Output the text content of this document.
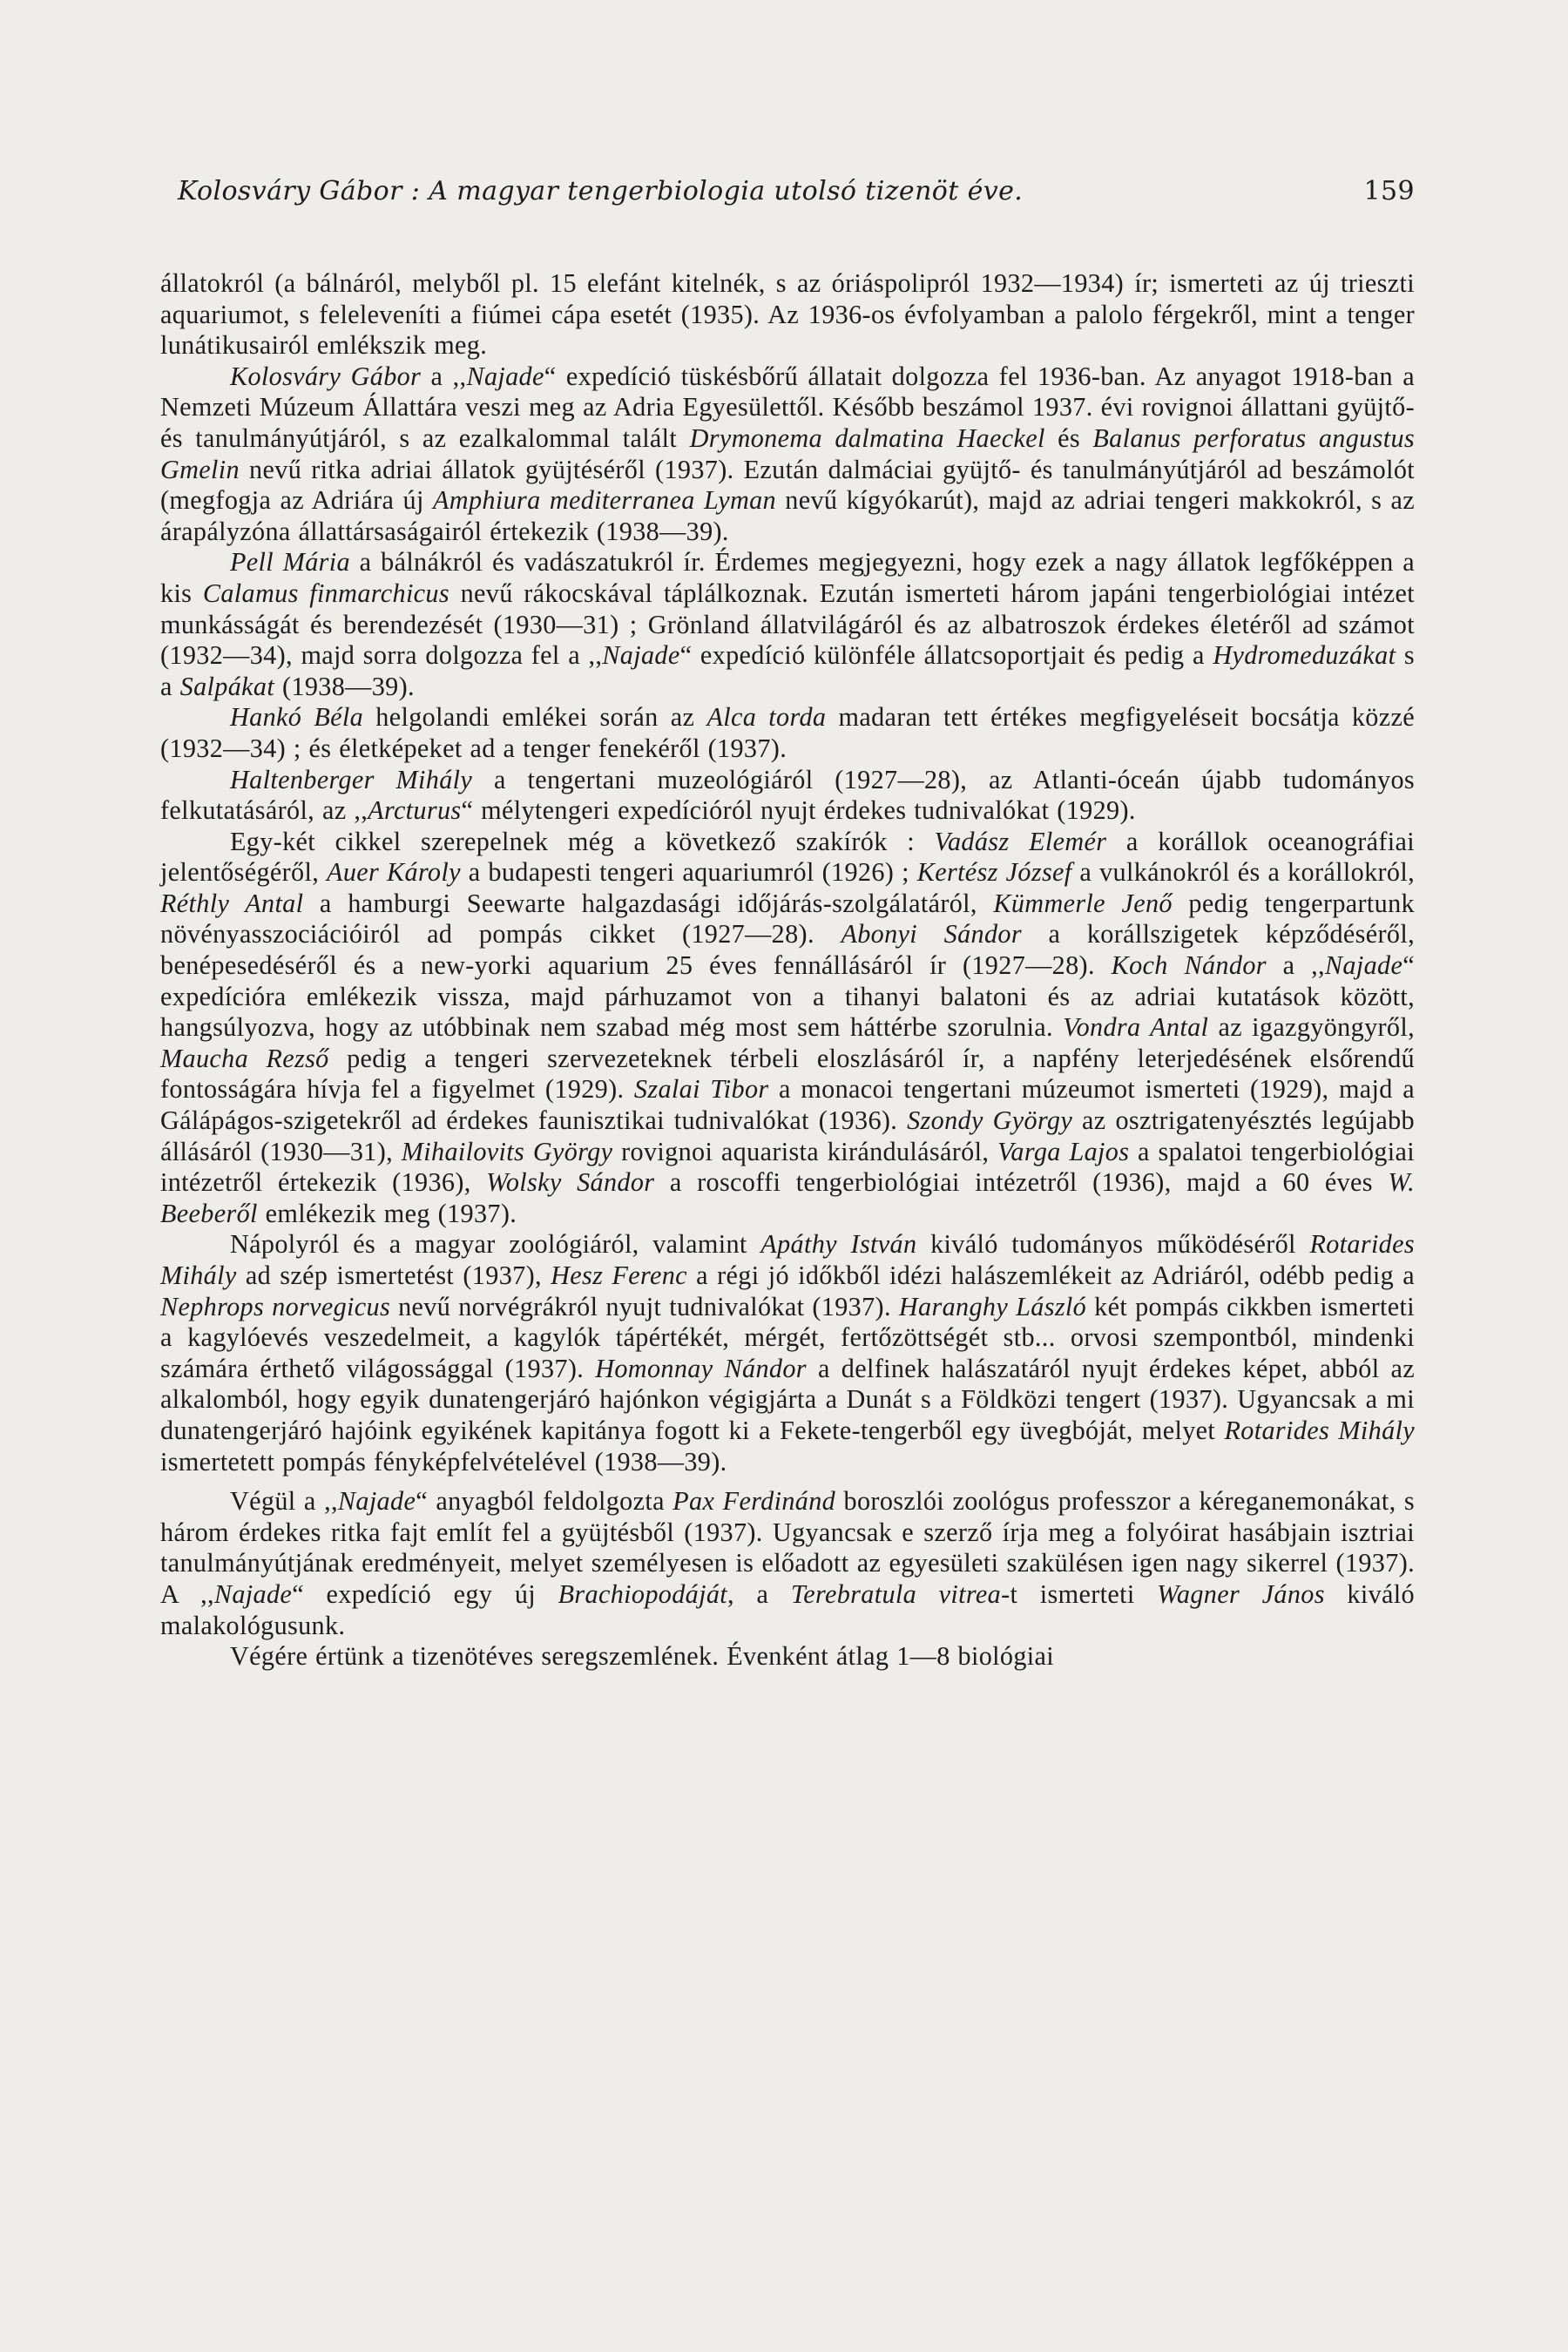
Kolosváry Gábor : A magyar tengerbiologia utolsó tizenöt éve.	159

állatokról (a bálnáról, melyből pl. 15 elefánt kitelnék, s az óriáspolipról 1932—1934) ír; ismerteti az új trieszti aquariumot, s feleleveníti a fiúmei cápa esetét (1935). Az 1936-os évfolyamban a palolo férgekről, mint a tenger lunátikusairól emlékszik meg.

Kolosváry Gábor a ,,Najade“ expedíció tüskésbőrű állatait dolgozza fel 1936-ban. Az anyagot 1918-ban a Nemzeti Múzeum Állattára veszi meg az Adria Egyesülettől. Később beszámol 1937. évi rovignoi állattani gyüjtő- és tanulmányútjáról, s az ezalkalommal talált Drymonema dalmatina Haeckel és Balanus perforatus angustus Gmelin nevű ritka adriai állatok gyüjtéséről (1937). Ezután dalmáciai gyüjtő- és tanulmányútjáról ad beszámolót (megfogja az Adriára új Amphiura mediterranea Lyman nevű kígyókarút), majd az adriai tengeri makkokról, s az árapályzóna állattársaságairól értekezik (1938—39).

Pell Mária a bálnákról és vadászatukról ír. Érdemes megjegyezni, hogy ezek a nagy állatok legfőképpen a kis Calamus finmarchicus nevű rákocskával táplálkoznak. Ezután ismerteti három japáni tengerbiológiai intézet munkásságát és berendezését (1930—31) ; Grönland állatvilágáról és az albatroszok érdekes életéről ad számot (1932—34), majd sorra dolgozza fel a ,,Najade“ expedíció különféle állatcsoportjait és pedig a Hydromeduzákat s a Salpákat (1938—39).

Hankó Béla helgolandi emlékei során az Alca torda madaran tett értékes megfigyeléseit bocsátja közzé (1932—34) ; és életképeket ad a tenger fenekéről (1937).

Haltenberger Mihály a tengertani muzeológiáról (1927—28), az Atlanti-óceán újabb tudományos felkutatásáról, az ,,Arcturus“ mélytengeri expedícióról nyujt érdekes tudnivalókat (1929).

Egy-két cikkel szerepelnek még a következő szakírók : Vadász Elemér a korállok oceanográfiai jelentőségéről, Auer Károly a budapesti tengeri aquariumról (1926) ; Kertész József a vulkánokról és a korállokról, Réthly Antal a hamburgi Seewarte halgazdasági időjárás-szolgálatáról, Kümmerle Jenő pedig tengerpartunk növényasszociációiról ad pompás cikket (1927—28). Abonyi Sándor a korállszigetek képződéséről, benépesedéséről és a new-yorki aquarium 25 éves fennállásáról ír (1927—28). Koch Nándor a ,,Najade“ expedícióra emlékezik vissza, majd párhuzamot von a tihanyi balatoni és az adriai kutatások között, hangsúlyozva, hogy az utóbbinak nem szabad még most sem háttérbe szorulnia. Vondra Antal az igazgyöngyről, Maucha Rezső pedig a tengeri szervezeteknek térbeli eloszlásáról ír, a napfény leterjedésének elsőrendű fontosságára hívja fel a figyelmet (1929). Szalai Tibor a monacoi tengertani múzeumot ismerteti (1929), majd a Gálápágos-szigetekről ad érdekes faunisztikai tudnivalókat (1936). Szondy György az osztrigatenyésztés legújabb állásáról (1930—31), Mihailovits György rovignoi aquarista kirándulásáról, Varga Lajos a spalatoi tengerbiológiai intézetről értekezik (1936), Wolsky Sándor a roscoffi tengerbiológiai intézetről (1936), majd a 60 éves W. Beeberől emlékezik meg (1937).

Nápolyról és a magyar zoológiáról, valamint Apáthy István kiváló tudományos működéséről Rotarides Mihály ad szép ismertetést (1937), Hesz Ferenc a régi jó időkből idézi halászemlékeit az Adriáról, odébb pedig a Nephrops norvegicus nevű norvégrákról nyujt tudnivalókat (1937). Haranghy László két pompás cikkben ismerteti a kagylóevés veszedelmeit, a kagylók tápértékét, mérgét, fertőzöttségét stb... orvosi szempontból, mindenki számára érthető világossággal (1937). Homonnay Nándor a delfinek halászatáról nyujt érdekes képet, abból az alkalomból, hogy egyik dunatengerjáró hajónkon végigjárta a Dunát s a Földközi tengert (1937). Ugyancsak a mi dunatengerjáró hajóink egyikének kapitánya fogott ki a Fekete-tengerből egy üvegbóját, melyet Rotarides Mihály ismertetett pompás fényképfelvételével (1938—39).

Végül a ,,Najade“ anyagból feldolgozta Pax Ferdinánd boroszlói zoológus professzor a kéreganemonákat, s három érdekes ritka fajt említ fel a gyüjtésből (1937). Ugyancsak e szerző írja meg a folyóirat hasábjain isztriai tanulmányútjának eredményeit, melyet személyesen is előadott az egyesületi szakülésen igen nagy sikerrel (1937). A ,,Najade“ expedíció egy új Brachiopodáját, a Terebratula vitrea-t ismerteti Wagner János kiváló malakológusunk.

Végére értünk a tizenötéves seregszemlének. Évenként átlag 1—8 biológiai
